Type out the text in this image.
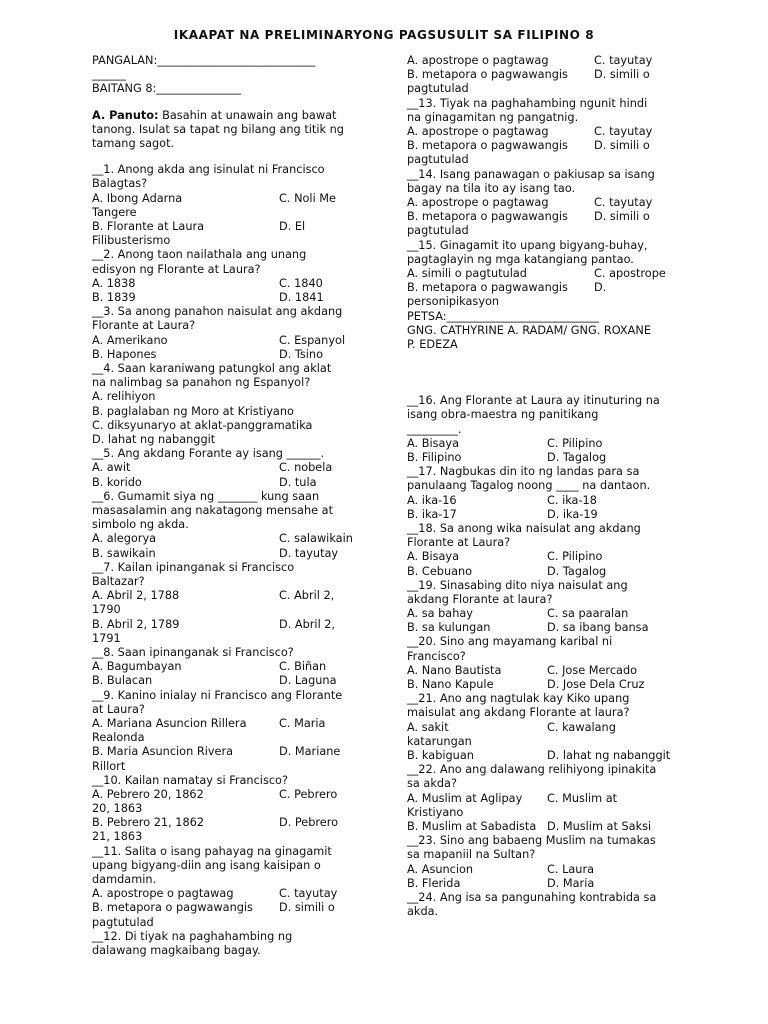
IKAAPAT NA PRELIMINARYONG PAGSUSULIT SA FILIPINO 8
PANGALAN:____________________________
______
BAITANG 8:_______________
A. Panuto: Basahin at unawain ang bawat
tanong. Isulat sa tapat ng bilang ang titik ng
tamang sagot.
__1. Anong akda ang isinulat ni Francisco
Balagtas?
A. Ibong Adarna	C. Noli Me
Tangere
B. Florante at Laura	D. El
Filibusterismo
__2. Anong taon nailathala ang unang
edisyon ng Florante at Laura?
A. 1838	C. 1840
B. 1839	D. 1841
__3. Sa anong panahon naisulat ang akdang
Florante at Laura?
A. Amerikano	C. Espanyol
B. Hapones	D. Tsino
__4. Saan karaniwang patungkol ang aklat
na nalimbag sa panahon ng Espanyol?
A. relihiyon
B. paglalaban ng Moro at Kristiyano
C. diksyunaryo at aklat-panggramatika
D. lahat ng nabanggit
__5. Ang akdang Forante ay isang ______.
A. awit	C. nobela
B. korido	D. tula
__6. Gumamit siya ng _______ kung saan
masasalamin ang nakatagong mensahe at
simbolo ng akda.
A. alegorya	C. salawikain
B. sawikain	D. tayutay
__7. Kailan ipinanganak si Francisco
Baltazar?
A. Abril 2, 1788	C. Abril 2,
1790
B. Abril 2, 1789	D. Abril 2,
1791
__8. Saan ipinanganak si Francisco?
A. Bagumbayan	C. Biñan
B. Bulacan	D. Laguna
__9. Kanino inialay ni Francisco ang Florante
at Laura?
A. Mariana Asuncion Rillera	C. Maria
Realonda
B. Maria Asuncion Rivera	D. Mariane
Rillort
__10. Kailan namatay si Francisco?
A. Pebrero 20, 1862	C. Pebrero
20, 1863
B. Pebrero 21, 1862	D. Pebrero
21, 1863
__11. Salita o isang pahayag na ginagamit
upang bigyang-diin ang isang kaisipan o
damdamin.
A. apostrope o pagtawag	C. tayutay
B. metapora o pagwawangis D. simili o
pagtutulad
__12. Di tiyak na paghahambing ng
dalawang magkaibang bagay.
A. apostrope o pagtawag	C. tayutay
B. metapora o pagwawangis D. simili o
pagtutulad
__13. Tiyak na paghahambing ngunit hindi
na ginagamitan ng pangatnig.
A. apostrope o pagtawag	C. tayutay
B. metapora o pagwawangis D. simili o
pagtutulad
__14. Isang panawagan o pakiusap sa isang
bagay na tila ito ay isang tao.
A. apostrope o pagtawag	C. tayutay
B. metapora o pagwawangis D. simili o
pagtutulad
__15. Ginagamit ito upang bigyang-buhay,
pagtaglayin ng mga katangiang pantao.
A. simili o pagtutulad	C. apostrope
B. metapora o pagwawangis D.
personipikasyon
PETSA:___________________________
GNG. CATHYRINE A. RADAM/ GNG. ROXANE
P. EDEZA
__16. Ang Florante at Laura ay itinuturing na
isang obra-maestra ng panitikang
_________.
A. Bisaya	C. Pilipino
B. Filipino	D. Tagalog
__17. Nagbukas din ito ng landas para sa
panulaang Tagalog noong ____ na dantaon.
A. ika-16	C. ika-18
B. ika-17	D. ika-19
__18. Sa anong wika naisulat ang akdang
Florante at Laura?
A. Bisaya	C. Pilipino
B. Cebuano	D. Tagalog
__19. Sinasabing dito niya naisulat ang
akdang Florante at laura?
A. sa bahay	C. sa paaralan
B. sa kulungan	D. sa ibang bansa
__20. Sino ang mayamang karibal ni
Francisco?
A. Nano Bautista	C. Jose Mercado
B. Nano Kapule	D. Jose Dela Cruz
__21. Ano ang nagtulak kay Kiko upang
maisulat ang akdang Florante at laura?
A. sakit	C. kawalang
katarungan
B. kabiguan	D. lahat ng nabanggit
__22. Ano ang dalawang relihiyong ipinakita
sa akda?
A. Muslim at Aglipay C. Muslim at
Kristiyano
B. Muslim at Sabadista D. Muslim at Saksi
__23. Sino ang babaeng Muslim na tumakas
sa mapaniil na Sultan?
A. Asuncion	C. Laura
B. Flerida	D. Maria
__24. Ang isa sa pangunahing kontrabida sa
akda.
